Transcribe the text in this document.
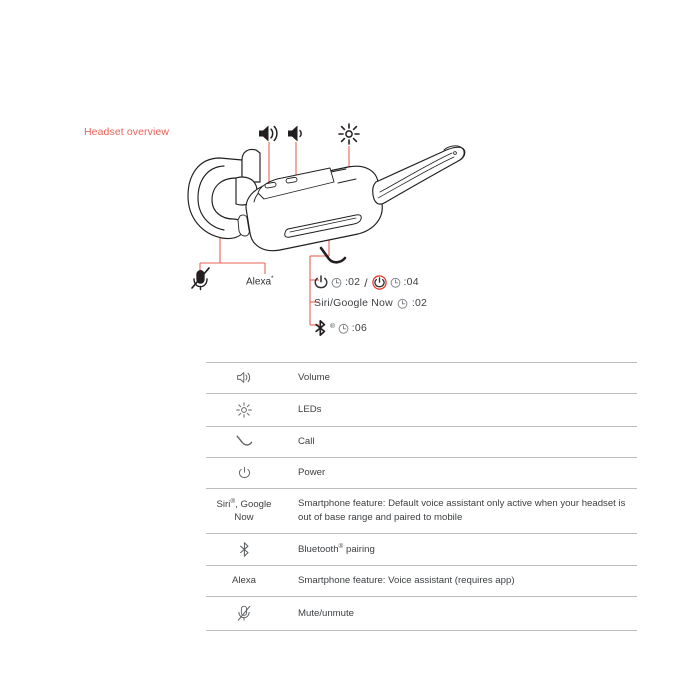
Headset overview
Alexa*	:02 /	:04
Siri/Google Now :02
® :06
	Volume
	LEDs
	Call
	Power
Siri®, Google Now	Smartphone feature: Default voice assistant only active when your headset is out of base range and paired to mobile
	Bluetooth® pairing
Alexa	Smartphone feature: Voice assistant (requires app)
	Mute/unmute
